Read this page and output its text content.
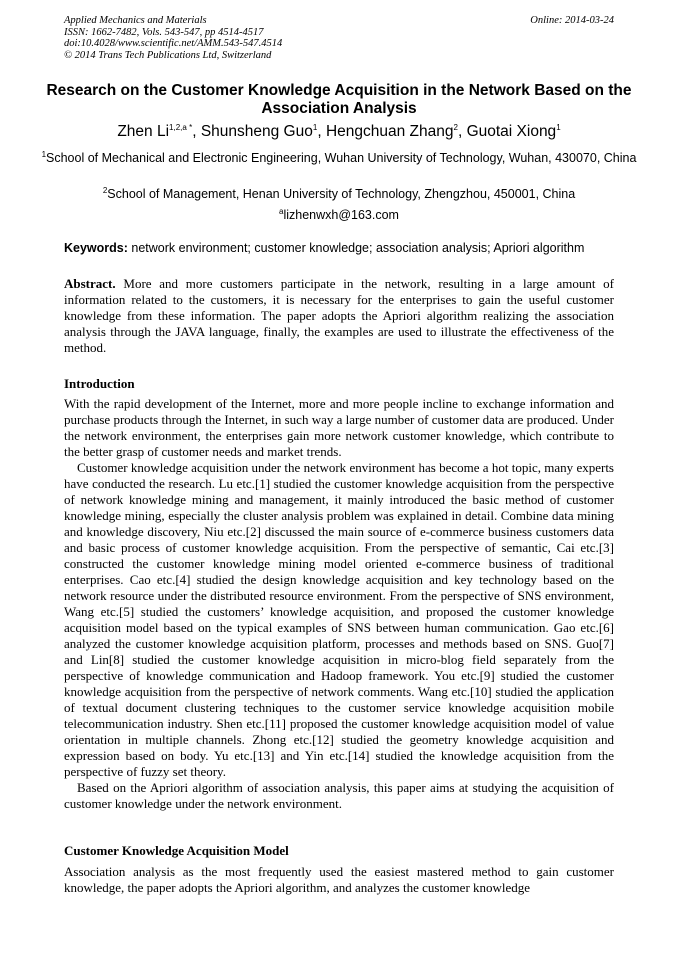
Applied Mechanics and Materials
ISSN: 1662-7482, Vols. 543-547, pp 4514-4517
doi:10.4028/www.scientific.net/AMM.543-547.4514
© 2014 Trans Tech Publications Ltd, Switzerland
Online: 2014-03-24
Research on the Customer Knowledge Acquisition in the Network Based on the Association Analysis
Zhen $Li^{1,2,a *}$, Shunsheng Guo$^1$, Hengchuan Zhang$^2$, Guotai Xiong$^1$
$^1$School of Mechanical and Electronic Engineering, Wuhan University of Technology, Wuhan, 430070, China
$^2$School of Management, Henan University of Technology, Zhengzhou, 450001, China
$^a$lizhenwxh@163.com
Keywords: network environment; customer knowledge; association analysis; Apriori algorithm
Abstract. More and more customers participate in the network, resulting in a large amount of information related to the customers, it is necessary for the enterprises to gain the useful customer knowledge from these information. The paper adopts the Apriori algorithm realizing the association analysis through the JAVA language, finally, the examples are used to illustrate the effectiveness of the method.
Introduction

With the rapid development of the Internet, more and more people incline to exchange information and purchase products through the Internet, in such way a large number of customer data are produced. Under the network environment, the enterprises gain more network customer knowledge, which contribute to the better grasp of customer needs and market trends.

Customer knowledge acquisition under the network environment has become a hot topic, many experts have conducted the research. Lu etc.[1] studied the customer knowledge acquisition from the perspective of network knowledge mining and management, it mainly introduced the basic method of customer knowledge mining, especially the cluster analysis problem was explained in detail. Combine data mining and knowledge discovery, Niu etc.[2] discussed the main source of e-commerce business customers data and basic process of customer knowledge acquisition. From the perspective of semantic, Cai etc.[3] constructed the customer knowledge mining model oriented e-commerce business of traditional enterprises. Cao etc.[4] studied the design knowledge acquisition and key technology based on the network resource under the distributed resource environment. From the perspective of SNS environment, Wang etc.[5] studied the customers’ knowledge acquisition, and proposed the customer knowledge acquisition model based on the typical examples of SNS between human communication. Gao etc.[6] analyzed the customer knowledge acquisition platform, processes and methods based on SNS. Guo[7] and Lin[8] studied the customer knowledge acquisition in micro-blog field separately from the perspective of knowledge communication and Hadoop framework. You etc.[9] studied the customer knowledge acquisition from the perspective of network comments. Wang etc.[10] studied the application of textual document clustering techniques to the customer service knowledge acquisition mobile telecommunication industry. Shen etc.[11] proposed the customer knowledge acquisition model of value orientation in multiple channels. Zhong etc.[12] studied the geometry knowledge acquisition and expression based on body. Yu etc.[13] and Yin etc.[14] studied the knowledge acquisition from the perspective of fuzzy set theory.

Based on the Apriori algorithm of association analysis, this paper aims at studying the acquisition of customer knowledge under the network environment.

Customer Knowledge Acquisition Model

Association analysis as the most frequently used the easiest mastered method to gain customer knowledge, the paper adopts the Apriori algorithm, and analyzes the customer knowledge
